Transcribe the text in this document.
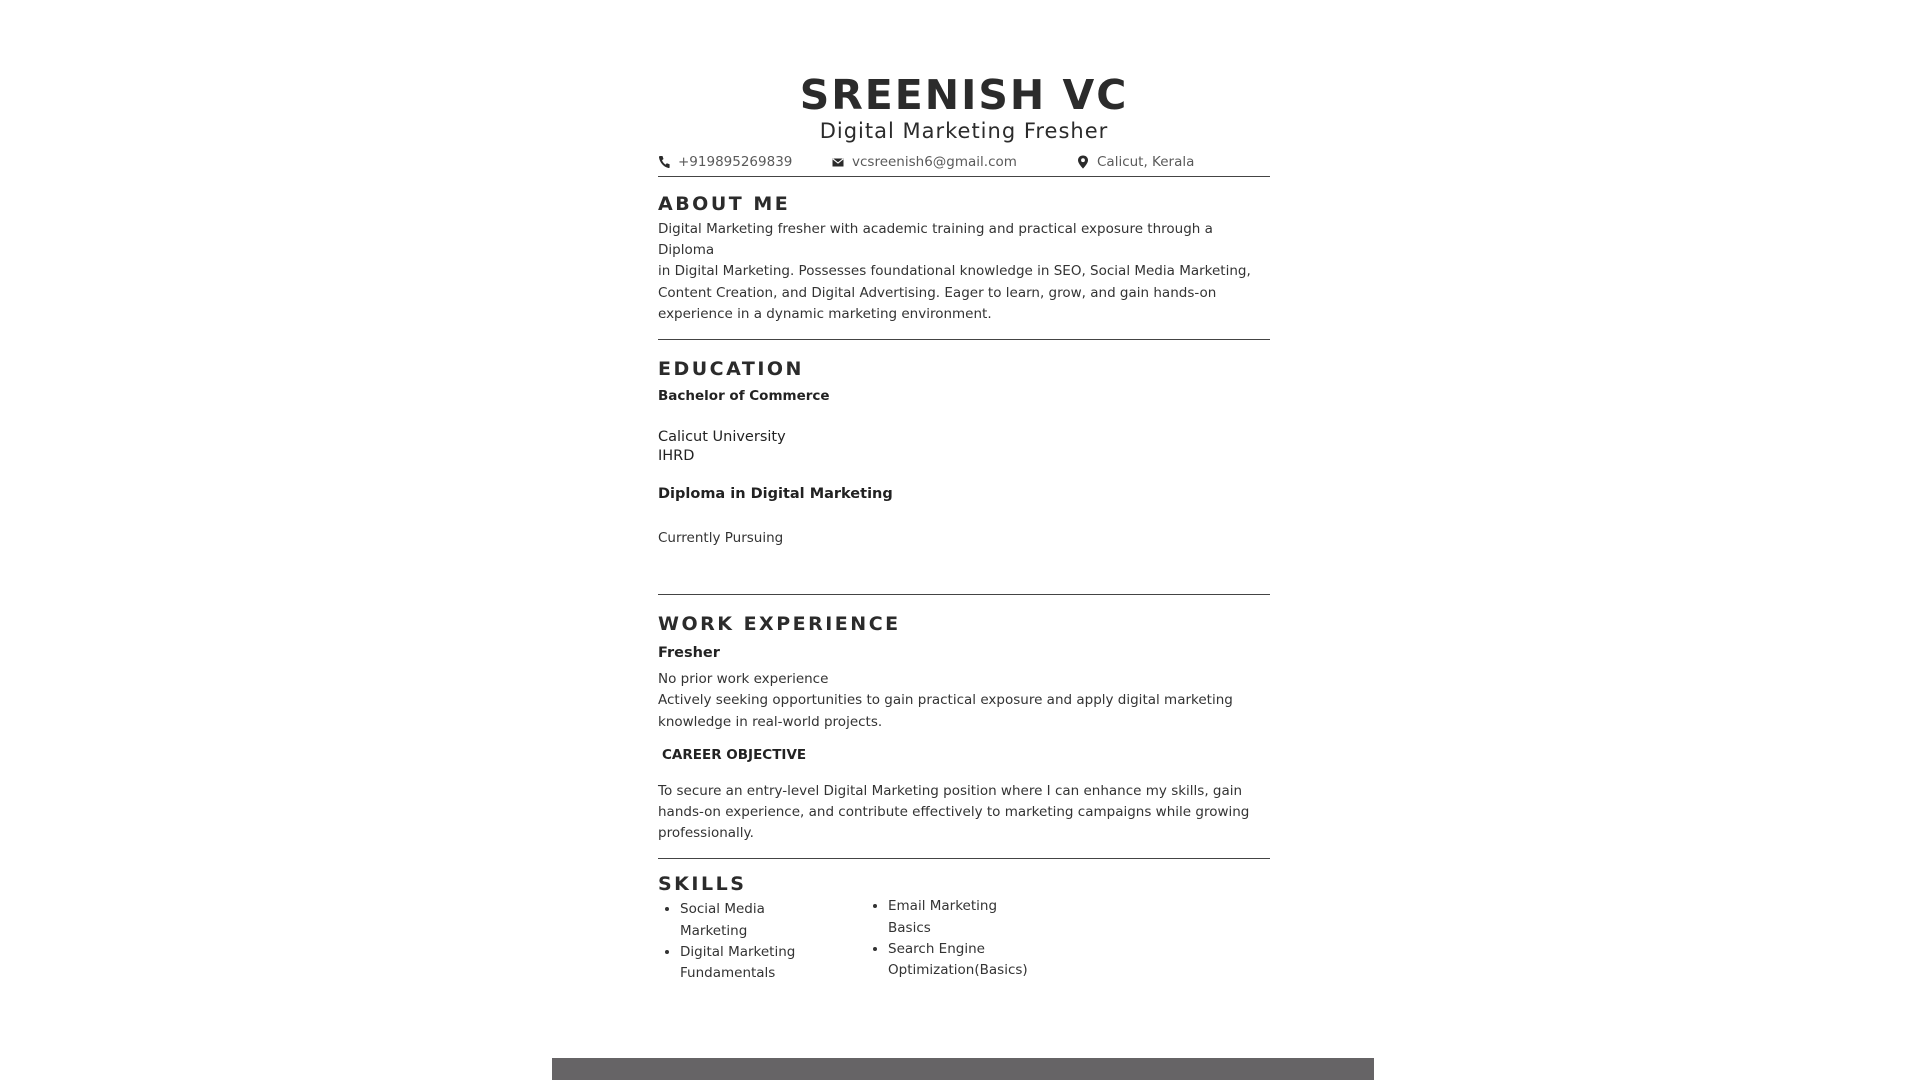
SREENISH VC
Digital Marketing Fresher
+919895269839	vcsreenish6@gmail.com	Calicut, Kerala
ABOUT ME

Digital Marketing fresher with academic training and practical exposure through a Diploma
in Digital Marketing. Possesses foundational knowledge in SEO, Social Media Marketing,
Content Creation, and Digital Advertising. Eager to learn, grow, and gain hands-on
experience in a dynamic marketing environment.

EDUCATION
Bachelor of Commerce
Calicut University
IHRD
Diploma in Digital Marketing
Currently Pursuing
WORK EXPERIENCE
Fresher

No prior work experience
Actively seeking opportunities to gain practical exposure and apply digital marketing
knowledge in real-world projects.

CAREER OBJECTIVE

To secure an entry-level Digital Marketing position where I can enhance my skills, gain
hands-on experience, and contribute effectively to marketing campaigns while growing
professionally.

SKILLS
• Social Media
Marketing
• Digital Marketing
Fundamentals
• Email Marketing
Basics
• Search Engine
Optimization(Basics)
